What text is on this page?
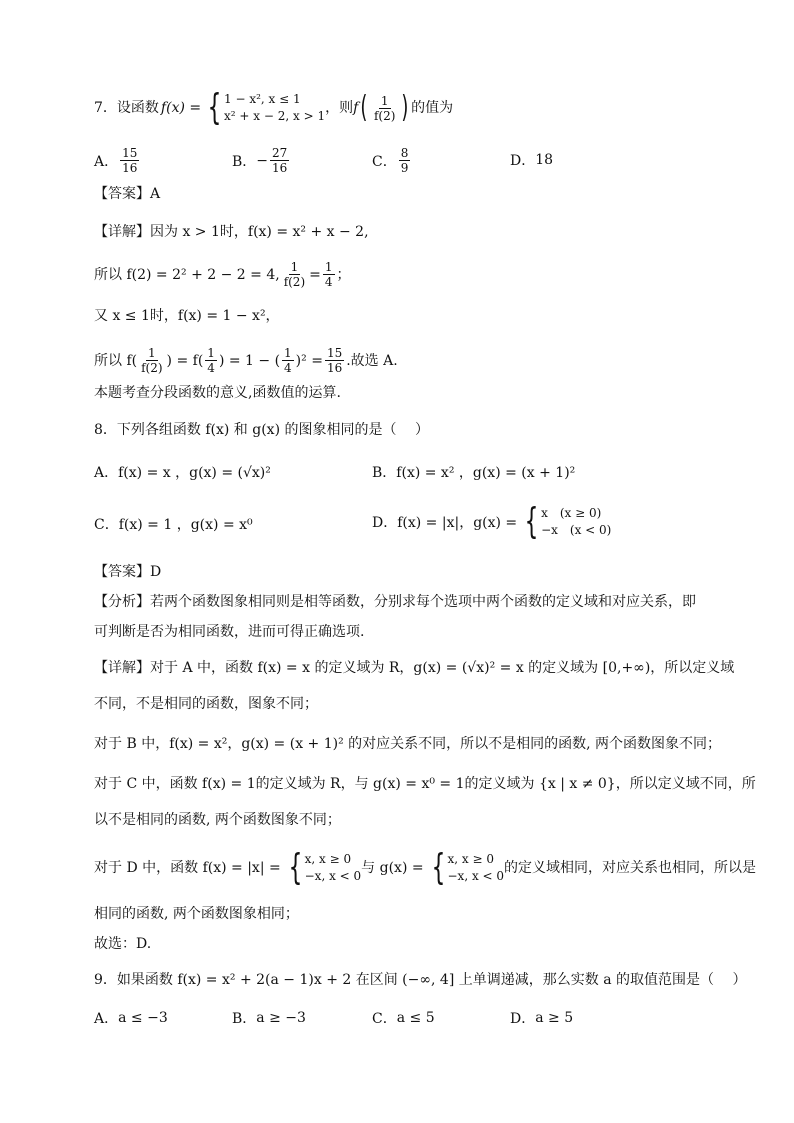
7．设函数 f(x) = { 1 − x², x ≤ 1
x² + x − 2, x > 1 ，则 f ( $\frac{1}{f(2)}$ ) 的值为
A． $\frac{15}{16}$	B． − $\frac{27}{16}$	C． $\frac{8}{9}$	D． 18
【答案】 A
【详解】 因为 x > 1时，f(x) = x² + x − 2,
所以 f(2) = 2² + 2 − 2 = 4, $\frac{1}{f(2)} = \frac{1}{4}$ ；
又 x ≤ 1时，f(x) = 1 − x²，
所以 $f( \frac{1}{f(2)}$ ) = $f( \frac{1}{4}$ ) = 1 − ( $\frac{1}{4} )^2 = \frac{15}{16}$ .故选 A.
本题考查分段函数的意义,函数值的运算.
8．下列各组函数 f(x) 和 g(x) 的图象相同的是（　 ）
A． f(x) = x ，g(x) = (√x)²	B． f(x) = x² ，g(x) = (x + 1)²
C． f(x) = 1 ，g(x) = x⁰	D． f(x) = |x|，g(x) = { x　(x ≥ 0)
−x　(x < 0)
【答案】 D
【分析】 若两个函数图象相同则是相等函数，分别求每个选项中两个函数的定义域和对应关系，即
可判断是否为相同函数，进而可得正确选项.
【详解】 对于 A 中，函数 f(x) = x 的定义域为 R，g(x) = (√x)² = x 的定义域为 [0,+∞)，所以定义域
不同，不是相同的函数，图象不同；
对于 B 中，f(x) = x²，g(x) = (x + 1)² 的对应关系不同，所以不是相同的函数, 两个函数图象不同；
对于 C 中，函数 f(x) = 1的定义域为 R，与 g(x) = x⁰ = 1的定义域为 {x | x ≠ 0}，所以定义域不同，所
以不是相同的函数, 两个函数图象不同；
对于 D 中，函数 f(x) = |x| = { x, x ≥ 0
−x, x < 0 与 g(x) = { x, x ≥ 0
−x, x < 0 的定义域相同，对应关系也相同，所以是
相同的函数, 两个函数图象相同；
故选：D.
9．如果函数 f(x) = x² + 2(a − 1)x + 2 在区间 (−∞, 4] 上单调递减，那么实数 a 的取值范围是（　 ）
A． a ≤ −3	B． a ≥ −3	C． a ≤ 5	D． a ≥ 5
